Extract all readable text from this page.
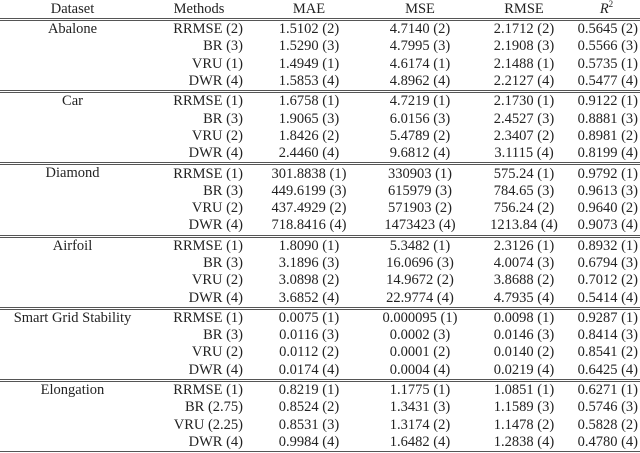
Dataset	Methods	MAE	MSE	RMSE	$R^2$
Abalone	RRMSE (2)	1.5102 (2)	4.7140 (2)	2.1712 (2)	0.5645 (2)
	BR (3)	1.5290 (3)	4.7995 (3)	2.1908 (3)	0.5566 (3)
	VRU (1)	1.4949 (1)	4.6174 (1)	2.1488 (1)	0.5735 (1)
	DWR (4)	1.5853 (4)	4.8962 (4)	2.2127 (4)	0.5477 (4)
Car	RRMSE (1)	1.6758 (1)	4.7219 (1)	2.1730 (1)	0.9122 (1)
	BR (3)	1.9065 (3)	6.0156 (3)	2.4527 (3)	0.8881 (3)
	VRU (2)	1.8426 (2)	5.4789 (2)	2.3407 (2)	0.8981 (2)
	DWR (4)	2.4460 (4)	9.6812 (4)	3.1115 (4)	0.8199 (4)
Diamond	RRMSE (1)	301.8838 (1)	330903 (1)	575.24 (1)	0.9792 (1)
	BR (3)	449.6199 (3)	615979 (3)	784.65 (3)	0.9613 (3)
	VRU (2)	437.4929 (2)	571903 (2)	756.24 (2)	0.9640 (2)
	DWR (4)	718.8416 (4)	1473423 (4)	1213.84 (4)	0.9073 (4)
Airfoil	RRMSE (1)	1.8090 (1)	5.3482 (1)	2.3126 (1)	0.8932 (1)
	BR (3)	3.1896 (3)	16.0696 (3)	4.0074 (3)	0.6794 (3)
	VRU (2)	3.0898 (2)	14.9672 (2)	3.8688 (2)	0.7012 (2)
	DWR (4)	3.6852 (4)	22.9774 (4)	4.7935 (4)	0.5414 (4)
Smart Grid Stability	RRMSE (1)	0.0075 (1)	0.000095 (1)	0.0098 (1)	0.9287 (1)
	BR (3)	0.0116 (3)	0.0002 (3)	0.0146 (3)	0.8414 (3)
	VRU (2)	0.0112 (2)	0.0001 (2)	0.0140 (2)	0.8541 (2)
	DWR (4)	0.0174 (4)	0.0004 (4)	0.0219 (4)	0.6425 (4)
Elongation	RRMSE (1)	0.8219 (1)	1.1775 (1)	1.0851 (1)	0.6271 (1)
	BR (2.75)	0.8524 (2)	1.3431 (3)	1.1589 (3)	0.5746 (3)
	VRU (2.25)	0.8531 (3)	1.3174 (2)	1.1478 (2)	0.5828 (2)
	DWR (4)	0.9984 (4)	1.6482 (4)	1.2838 (4)	0.4780 (4)
